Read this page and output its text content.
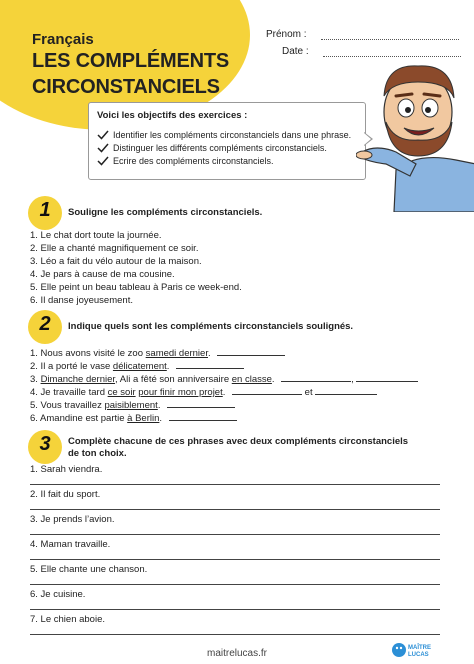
Français
LES COMPLÉMENTS
CIRCONSTANCIELS
Prénom :
Date :
Voici les objectifs des exercices :
Identifier les compléments circonstanciels dans une phrase.
Distinguer les différents compléments circonstanciels.
Ecrire des compléments circonstanciels.
1	Souligne les compléments circonstanciels.
1. Le chat dort toute la journée.
2. Elle a chanté magnifiquement ce soir.
3. Léo a fait du vélo autour de la maison.
4. Je pars à cause de ma cousine.
5. Elle peint un beau tableau à Paris ce week-end.
6. Il danse joyeusement.
2	Indique quels sont les compléments circonstanciels soulignés.
1. Nous avons visité le zoo samedi dernier.
2. Il a porté le vase délicatement.
3. Dimanche dernier, Ali a fêté son anniversaire en classe.	,
4. Je travaille tard ce soir pour finir mon projet.	et
5. Vous travaillez paisiblement.
6. Amandine est partie à Berlin.
3	Complète chacune de ces phrases avec deux compléments circonstanciels
de ton choix.
1. Sarah viendra.
2. Il fait du sport.
3. Je prends l’avion.
4. Maman travaille.
5. Elle chante une chanson.
6. Je cuisine.
7. Le chien aboie.
maitrelucas.fr	MAÎTRE
LUCAS
